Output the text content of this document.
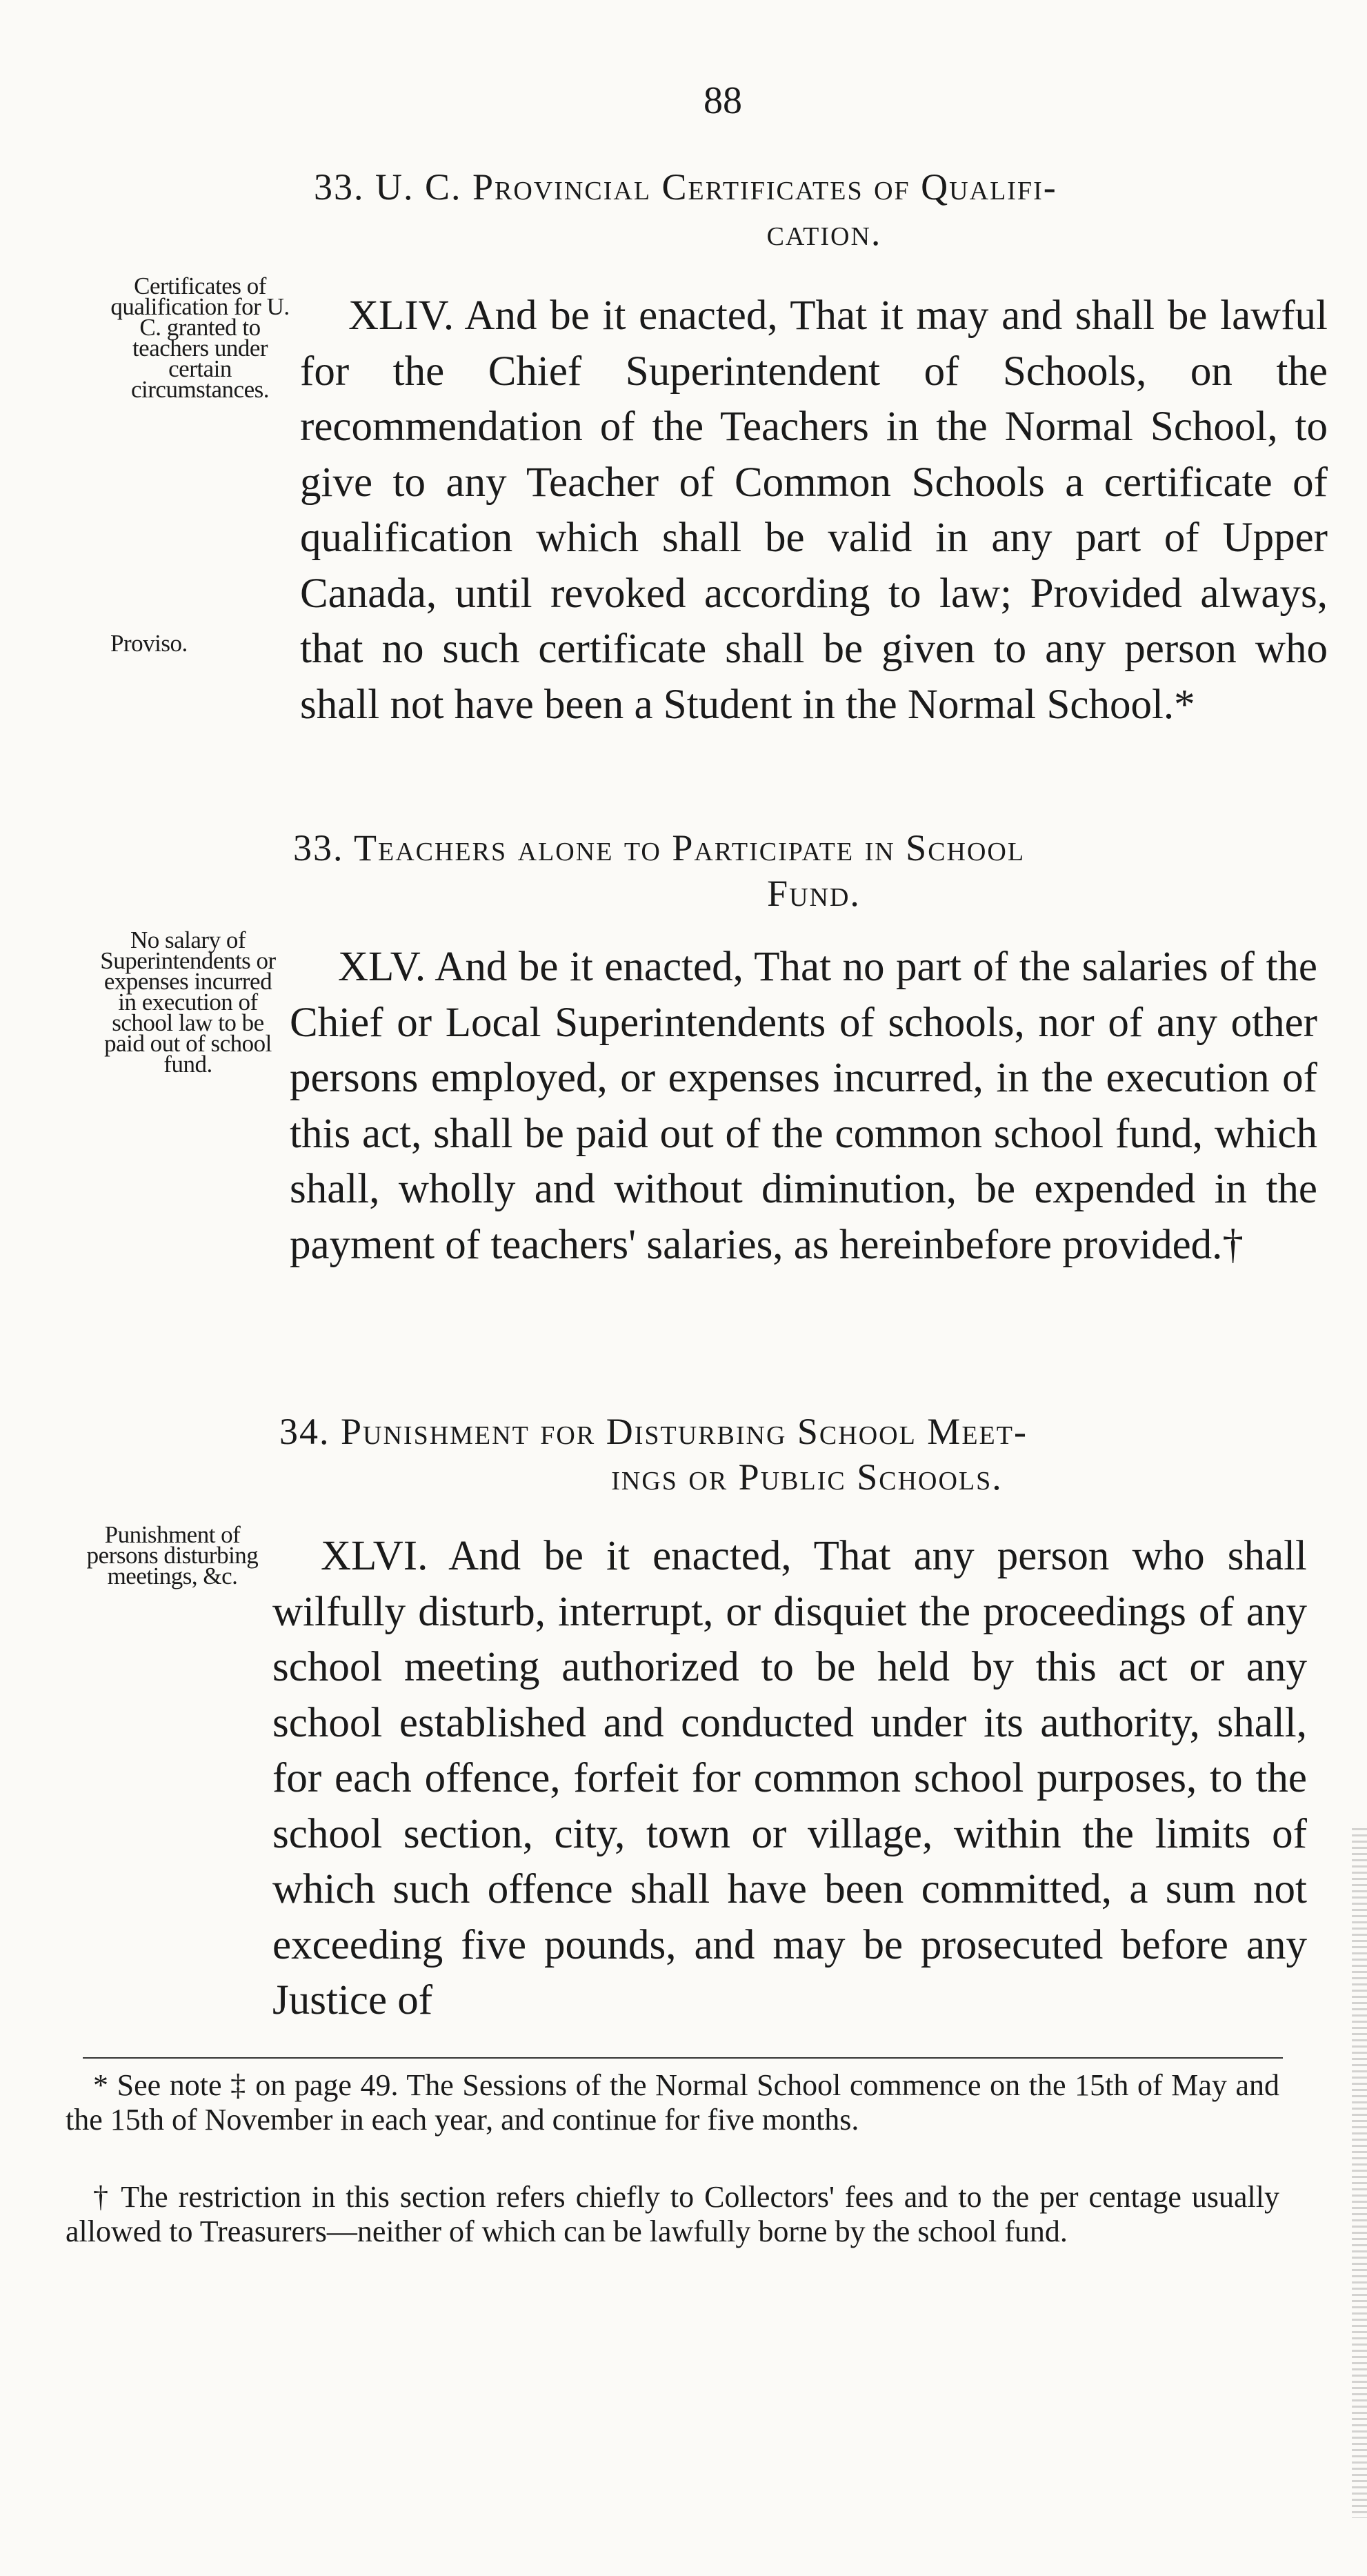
88
33. U. C. Provincial Certificates of Qualifi-
cation.
Certificates of qualification for U. C. granted to teachers under certain circumstances.

XLIV. And be it enacted, That it may and shall be lawful for the Chief Superintendent of Schools, on the recommendation of the Teachers in the Normal School, to give to any Teacher of Common Schools a certificate of qualification which shall be valid in any part of Upper Canada, until revoked according to law; Provided always, that no such certificate shall be given to any person who shall not have been a Student in the Normal School.*

Proviso.
33. Teachers alone to Participate in School
Fund.
No salary of Superintendents or expenses incurred in execution of school law to be paid out of school fund.

XLV. And be it enacted, That no part of the salaries of the Chief or Local Superintendents of schools, nor of any other persons employed, or expenses incurred, in the execution of this act, shall be paid out of the common school fund, which shall, wholly and without diminution, be expended in the payment of teachers' salaries, as hereinbefore provided.†

34. Punishment for Disturbing School Meet-
ings or Public Schools.
Punishment of persons disturbing meetings, &c.	XLVI. And be it enacted, That any person who shall wilfully disturb, interrupt, or disquiet the proceedings of any school meeting authorized to be held by this act or any school established and conducted under its authority, shall, for each offence, forfeit for common school purposes, to the school section, city, town or village, within the limits of which such offence shall have been committed, a sum not exceeding five pounds, and may be prosecuted before any Justice of

* See note ‡ on page 49. The Sessions of the Normal School commence on the 15th of May and the 15th of November in each year, and continue for five months.

† The restriction in this section refers chiefly to Collectors' fees and to the per centage usually allowed to Treasurers—neither of which can be lawfully borne by the school fund.
